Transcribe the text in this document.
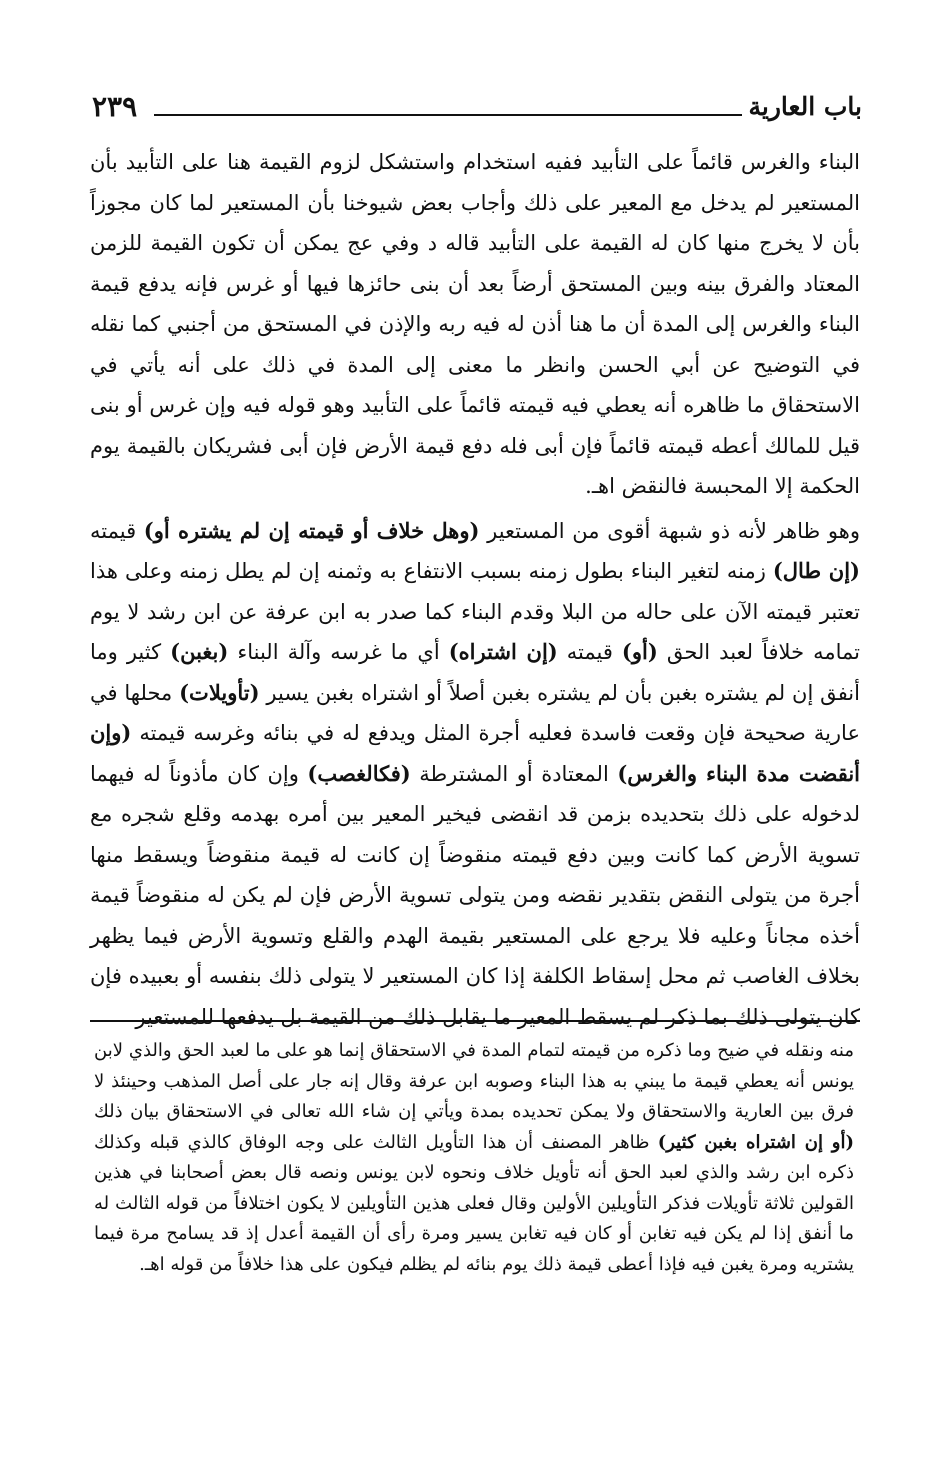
٢٣٩	باب العارية

البناء والغرس قائماً على التأبيد ففيه استخدام واستشكل لزوم القيمة هنا على التأبيد بأن المستعير لم يدخل مع المعير على ذلك وأجاب بعض شيوخنا بأن المستعير لما كان مجوزاً بأن لا يخرج منها كان له القيمة على التأبيد قاله د وفي عج يمكن أن تكون القيمة للزمن المعتاد والفرق بينه وبين المستحق أرضاً بعد أن بنى حائزها فيها أو غرس فإنه يدفع قيمة البناء والغرس إلى المدة أن ما هنا أذن له فيه ربه والإذن في المستحق من أجنبي كما نقله في التوضيح عن أبي الحسن وانظر ما معنى إلى المدة في ذلك على أنه يأتي في الاستحقاق ما ظاهره أنه يعطي فيه قيمته قائماً على التأبيد وهو قوله فيه وإن غرس أو بنى قيل للمالك أعطه قيمته قائماً فإن أبى فله دفع قيمة الأرض فإن أبى فشريكان بالقيمة يوم الحكمة إلا المحبسة فالنقض اهـ.

وهو ظاهر لأنه ذو شبهة أقوى من المستعير (وهل خلاف أو قيمته إن لم يشتره أو) قيمته (إن طال) زمنه لتغير البناء بطول زمنه بسبب الانتفاع به وثمنه إن لم يطل زمنه وعلى هذا تعتبر قيمته الآن على حاله من البلا وقدم البناء كما صدر به ابن عرفة عن ابن رشد لا يوم تمامه خلافاً لعبد الحق (أو) قيمته (إن اشتراه) أي ما غرسه وآلة البناء (بغبن) كثير وما أنفق إن لم يشتره بغبن بأن لم يشتره بغبن أصلاً أو اشتراه بغبن يسير (تأويلات) محلها في عارية صحيحة فإن وقعت فاسدة فعليه أجرة المثل ويدفع له في بنائه وغرسه قيمته (وإن أنقضت مدة البناء والغرس) المعتادة أو المشترطة (فكالغصب) وإن كان مأذوناً له فيهما لدخوله على ذلك بتحديده بزمن قد انقضى فيخير المعير بين أمره بهدمه وقلع شجره مع تسوية الأرض كما كانت وبين دفع قيمته منقوضاً إن كانت له قيمة منقوضاً ويسقط منها أجرة من يتولى النقض بتقدير نقضه ومن يتولى تسوية الأرض فإن لم يكن له منقوضاً قيمة أخذه مجاناً وعليه فلا يرجع على المستعير بقيمة الهدم والقلع وتسوية الأرض فيما يظهر بخلاف الغاصب ثم محل إسقاط الكلفة إذا كان المستعير لا يتولى ذلك بنفسه أو بعبيده فإن كان يتولى ذلك بما ذكر لم يسقط المعير ما يقابل ذلك من القيمة بل يدفعها للمستعير

منه ونقله في ضيح وما ذكره من قيمته لتمام المدة في الاستحقاق إنما هو على ما لعبد الحق والذي لابن يونس أنه يعطي قيمة ما يبني به هذا البناء وصوبه ابن عرفة وقال إنه جار على أصل المذهب وحينئذ لا فرق بين العارية والاستحقاق ولا يمكن تحديده بمدة ويأتي إن شاء الله تعالى في الاستحقاق بيان ذلك (أو إن اشتراه بغبن كثير) ظاهر المصنف أن هذا التأويل الثالث على وجه الوفاق كالذي قبله وكذلك ذكره ابن رشد والذي لعبد الحق أنه تأويل خلاف ونحوه لابن يونس ونصه قال بعض أصحابنا في هذين القولين ثلاثة تأويلات فذكر التأويلين الأولين وقال فعلى هذين التأويلين لا يكون اختلافاً من قوله الثالث له ما أنفق إذا لم يكن فيه تغابن أو كان فيه تغابن يسير ومرة رأى أن القيمة أعدل إذ قد يسامح مرة فيما يشتريه ومرة يغبن فيه فإذا أعطى قيمة ذلك يوم بنائه لم يظلم فيكون على هذا خلافاً من قوله اهـ.
